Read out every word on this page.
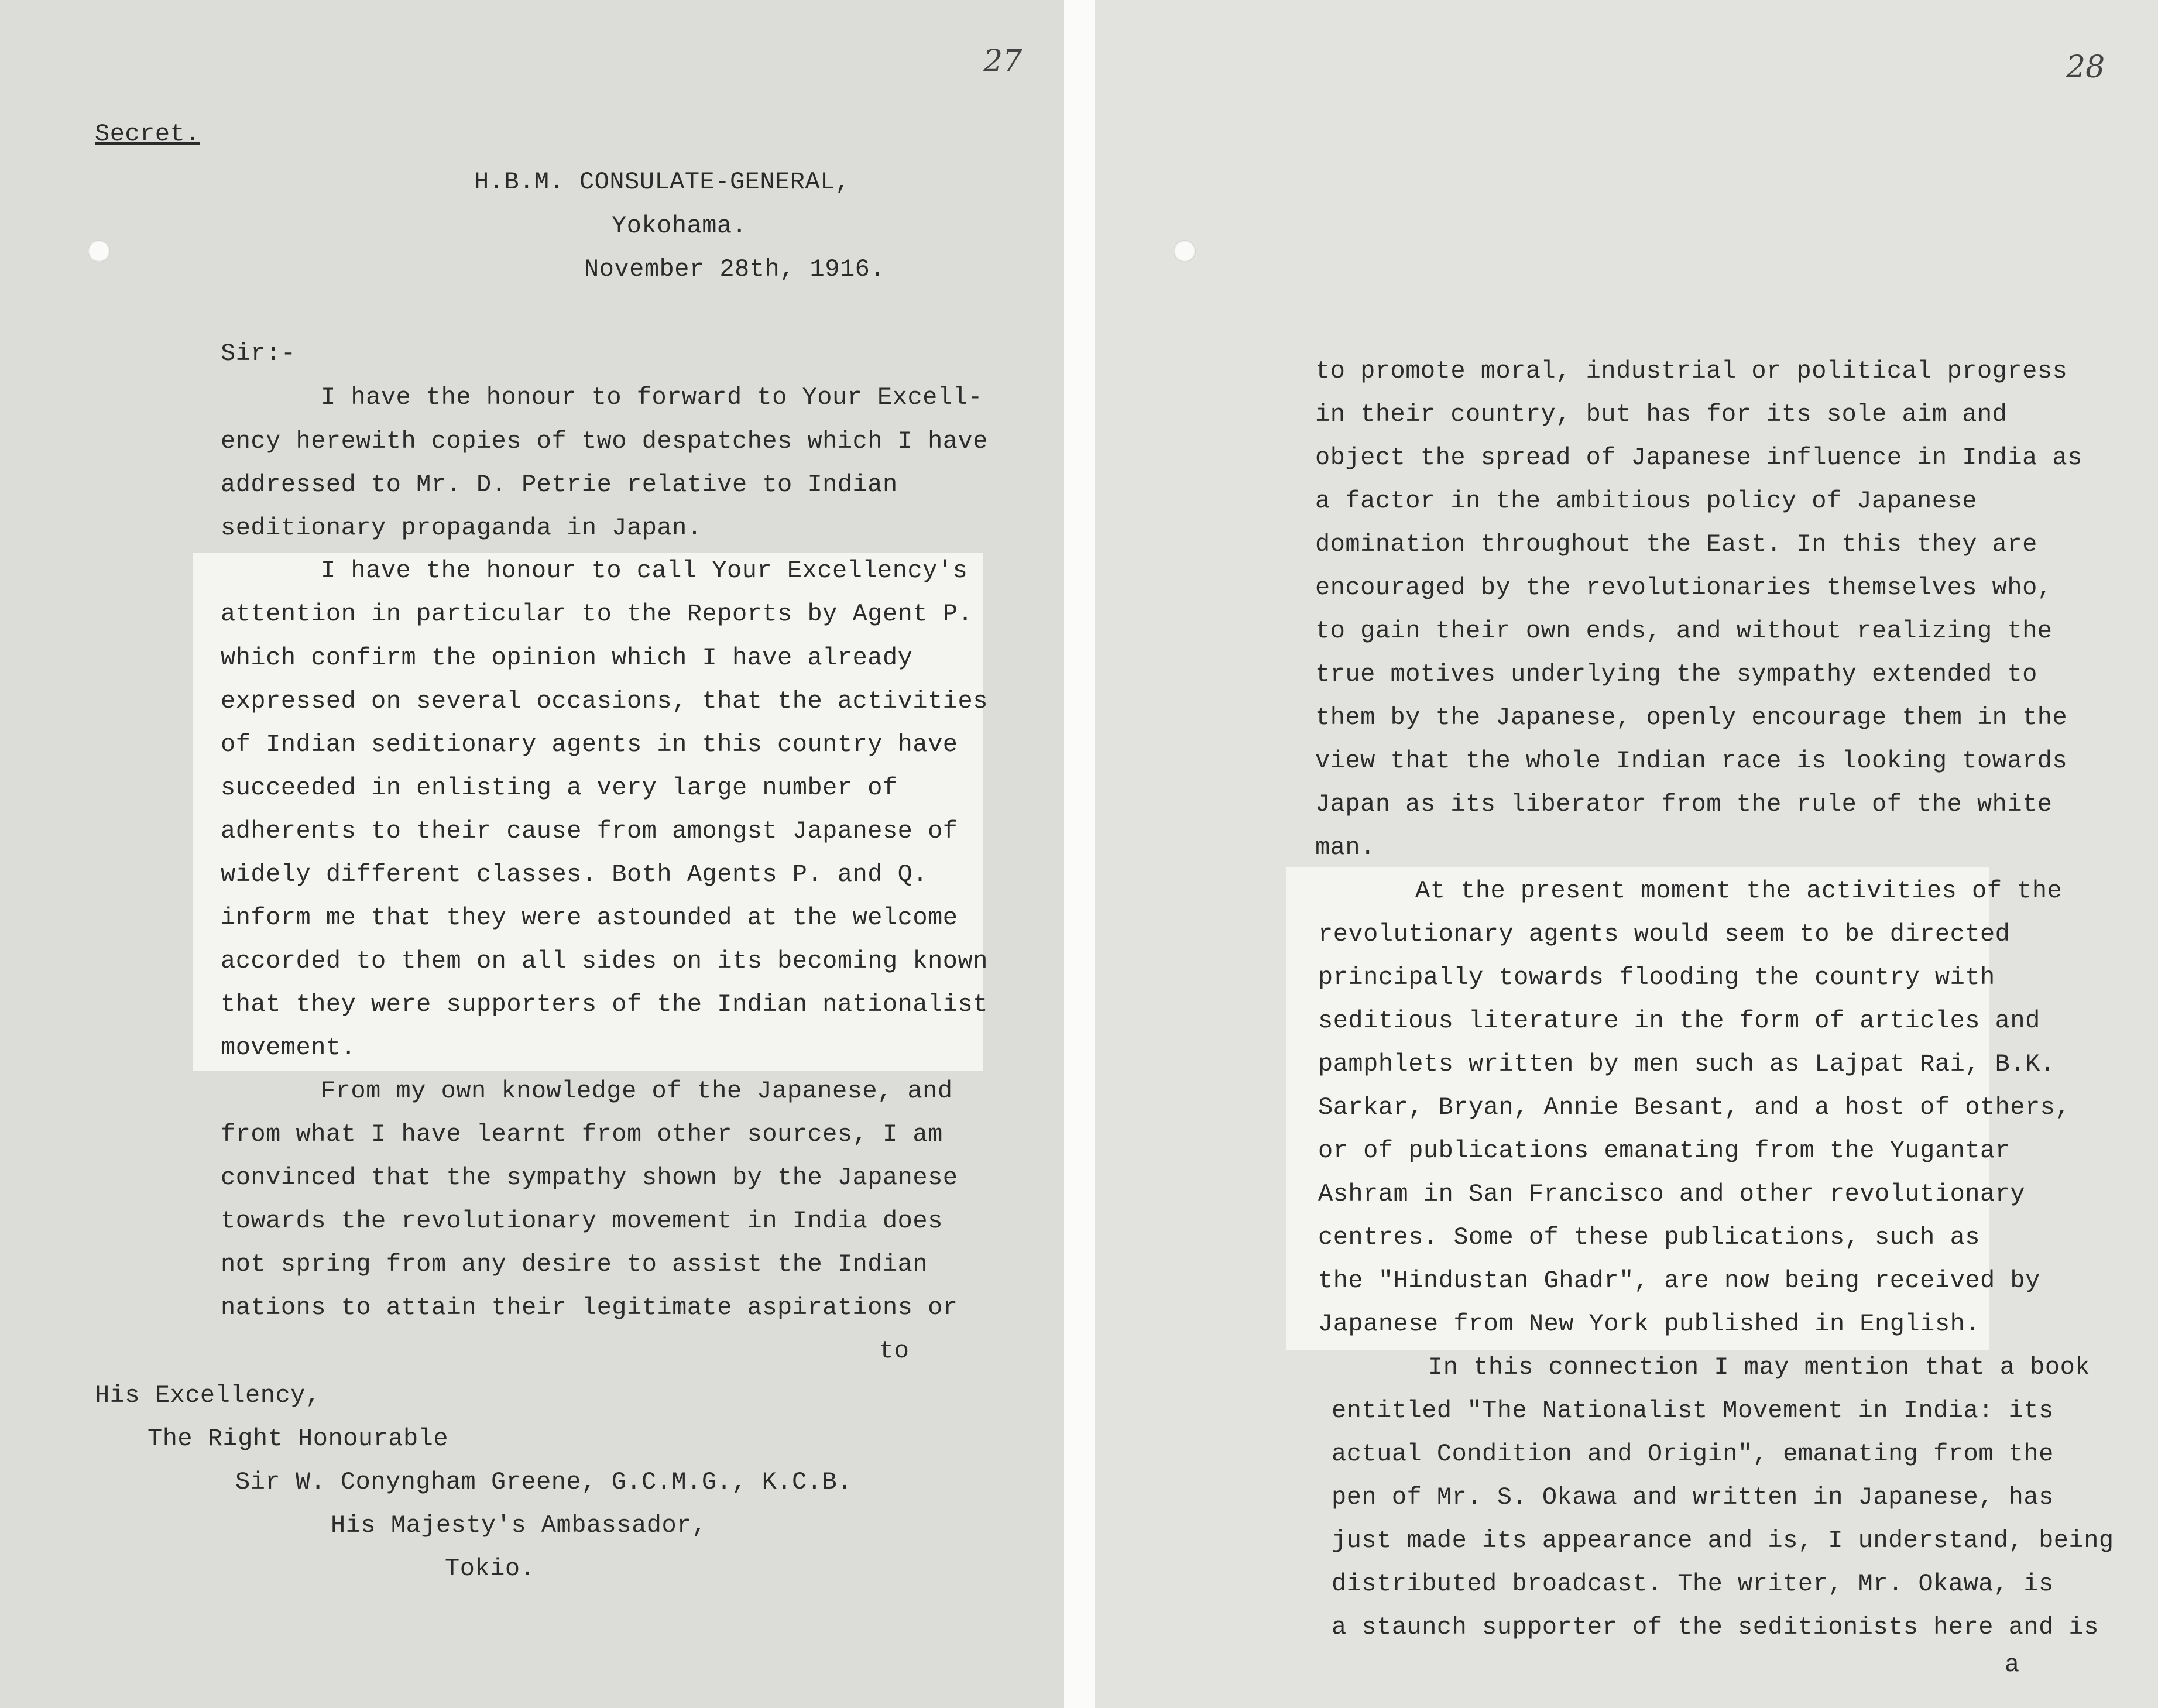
27
Secret.
H.B.M. CONSULATE-GENERAL,
Yokohama.
November 28th, 1916.
Sir:-
I have the honour to forward to Your Excell-
ency herewith copies of two despatches which I have
addressed to Mr. D. Petrie relative to Indian
seditionary propaganda in Japan.
I have the honour to call Your Excellency's
attention in particular to the Reports by Agent P.
which confirm the opinion which I have already
expressed on several occasions, that the activities
of Indian seditionary agents in this country have
succeeded in enlisting a very large number of
adherents to their cause from amongst Japanese of
widely different classes. Both Agents P. and Q.
inform me that they were astounded at the welcome
accorded to them on all sides on its becoming known
that they were supporters of the Indian nationalist
movement.
From my own knowledge of the Japanese, and
from what I have learnt from other sources, I am
convinced that the sympathy shown by the Japanese
towards the revolutionary movement in India does
not spring from any desire to assist the Indian
nations to attain their legitimate aspirations or
to
His Excellency,
The Right Honourable
Sir W. Conyngham Greene, G.C.M.G., K.C.B.
His Majesty's Ambassador,
Tokio.
28
to promote moral, industrial or political progress
in their country, but has for its sole aim and
object the spread of Japanese influence in India as
a factor in the ambitious policy of Japanese
domination throughout the East. In this they are
encouraged by the revolutionaries themselves who,
to gain their own ends, and without realizing the
true motives underlying the sympathy extended to
them by the Japanese, openly encourage them in the
view that the whole Indian race is looking towards
Japan as its liberator from the rule of the white
man.
At the present moment the activities of the
revolutionary agents would seem to be directed
principally towards flooding the country with
seditious literature in the form of articles and
pamphlets written by men such as Lajpat Rai, B.K.
Sarkar, Bryan, Annie Besant, and a host of others,
or of publications emanating from the Yugantar
Ashram in San Francisco and other revolutionary
centres. Some of these publications, such as
the "Hindustan Ghadr", are now being received by
Japanese from New York published in English.
In this connection I may mention that a book
entitled "The Nationalist Movement in India: its
actual Condition and Origin", emanating from the
pen of Mr. S. Okawa and written in Japanese, has
just made its appearance and is, I understand, being
distributed broadcast. The writer, Mr. Okawa, is
a staunch supporter of the seditionists here and is
a
